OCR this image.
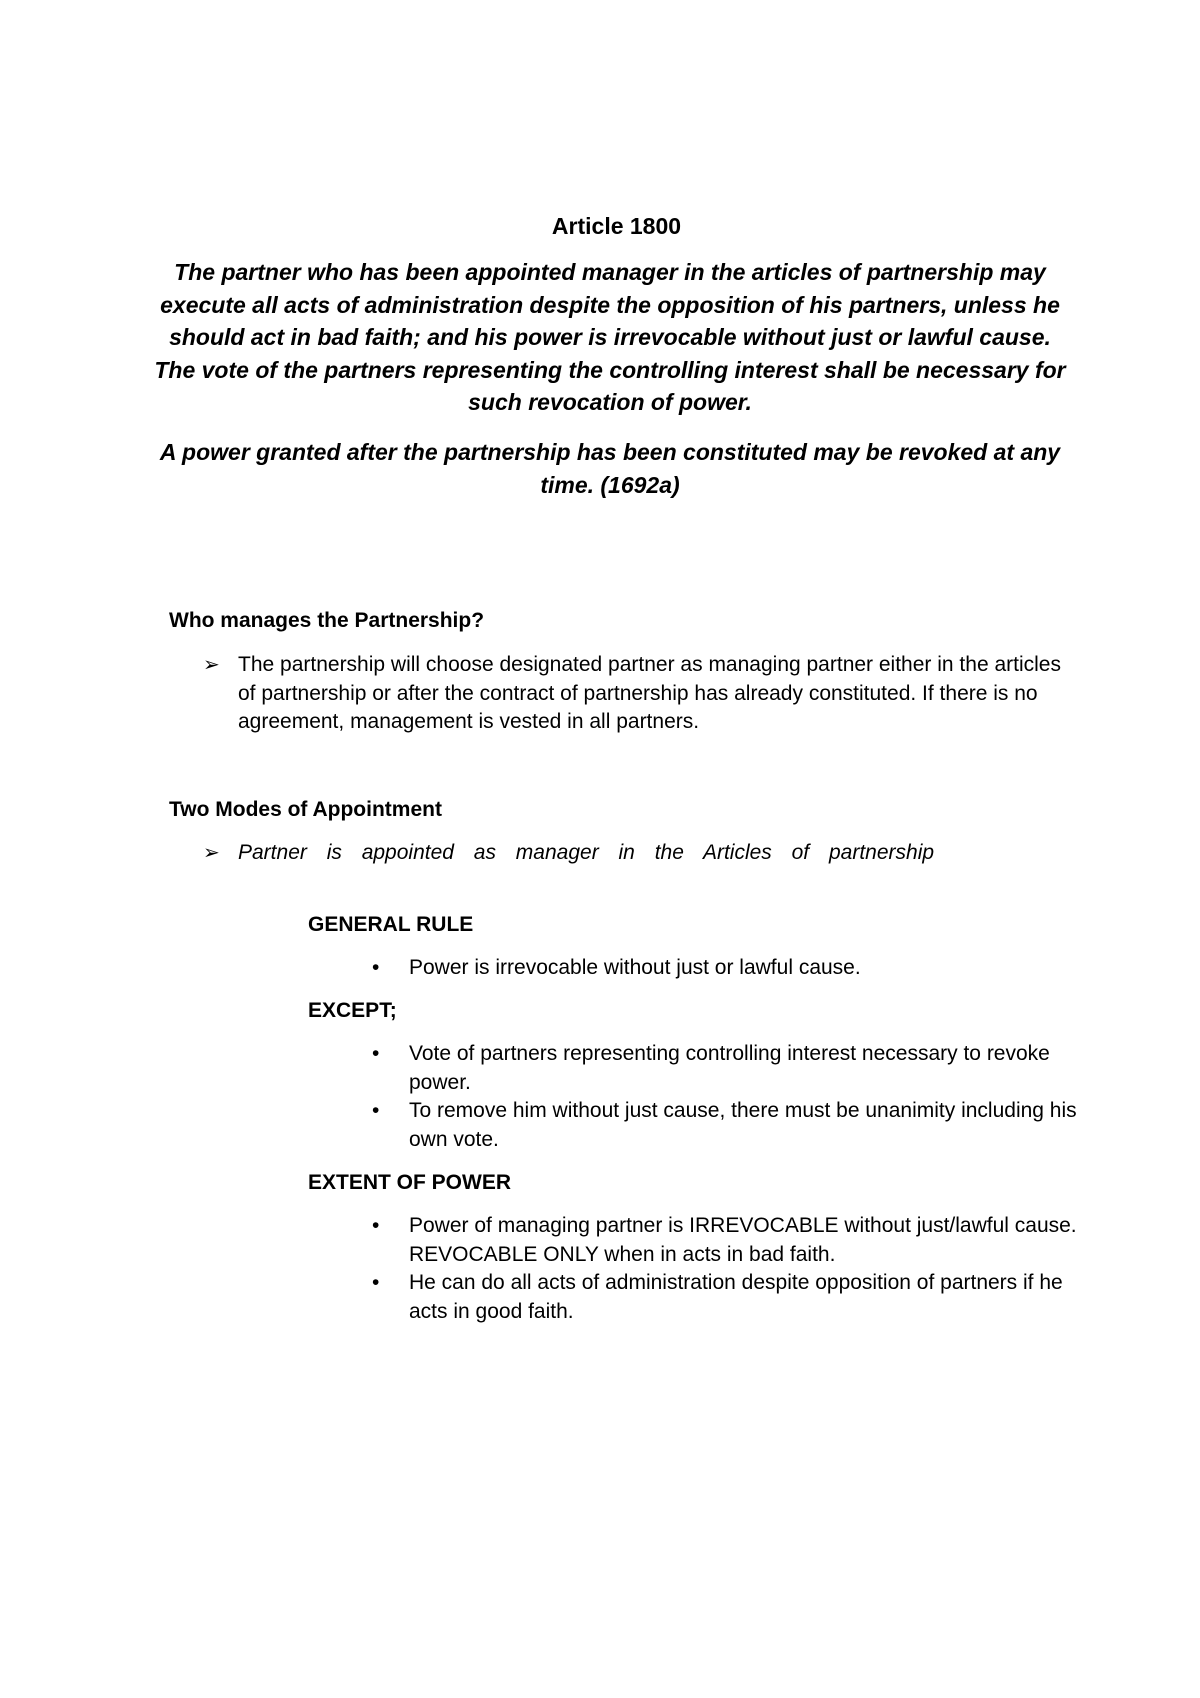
Article 1800
The partner who has been appointed manager in the articles of partnership may execute all acts of administration despite the opposition of his partners, unless he should act in bad faith; and his power is irrevocable without just or lawful cause. The vote of the partners representing the controlling interest shall be necessary for such revocation of power.
A power granted after the partnership has been constituted may be revoked at any time. (1692a)
Who manages the Partnership?
➢ The partnership will choose designated partner as managing partner either in the articles of partnership or after the contract of partnership has already constituted. If there is no agreement, management is vested in all partners.
Two Modes of Appointment
➢ Partner is appointed as manager in the Articles of partnership
GENERAL RULE
•	Power is irrevocable without just or lawful cause.
EXCEPT;
•	Vote of partners representing controlling interest necessary to revoke power.
•	To remove him without just cause, there must be unanimity including his own vote.
EXTENT OF POWER
•	Power of managing partner is IRREVOCABLE without just/lawful cause. REVOCABLE ONLY when in acts in bad faith.
•	He can do all acts of administration despite opposition of partners if he acts in good faith.
